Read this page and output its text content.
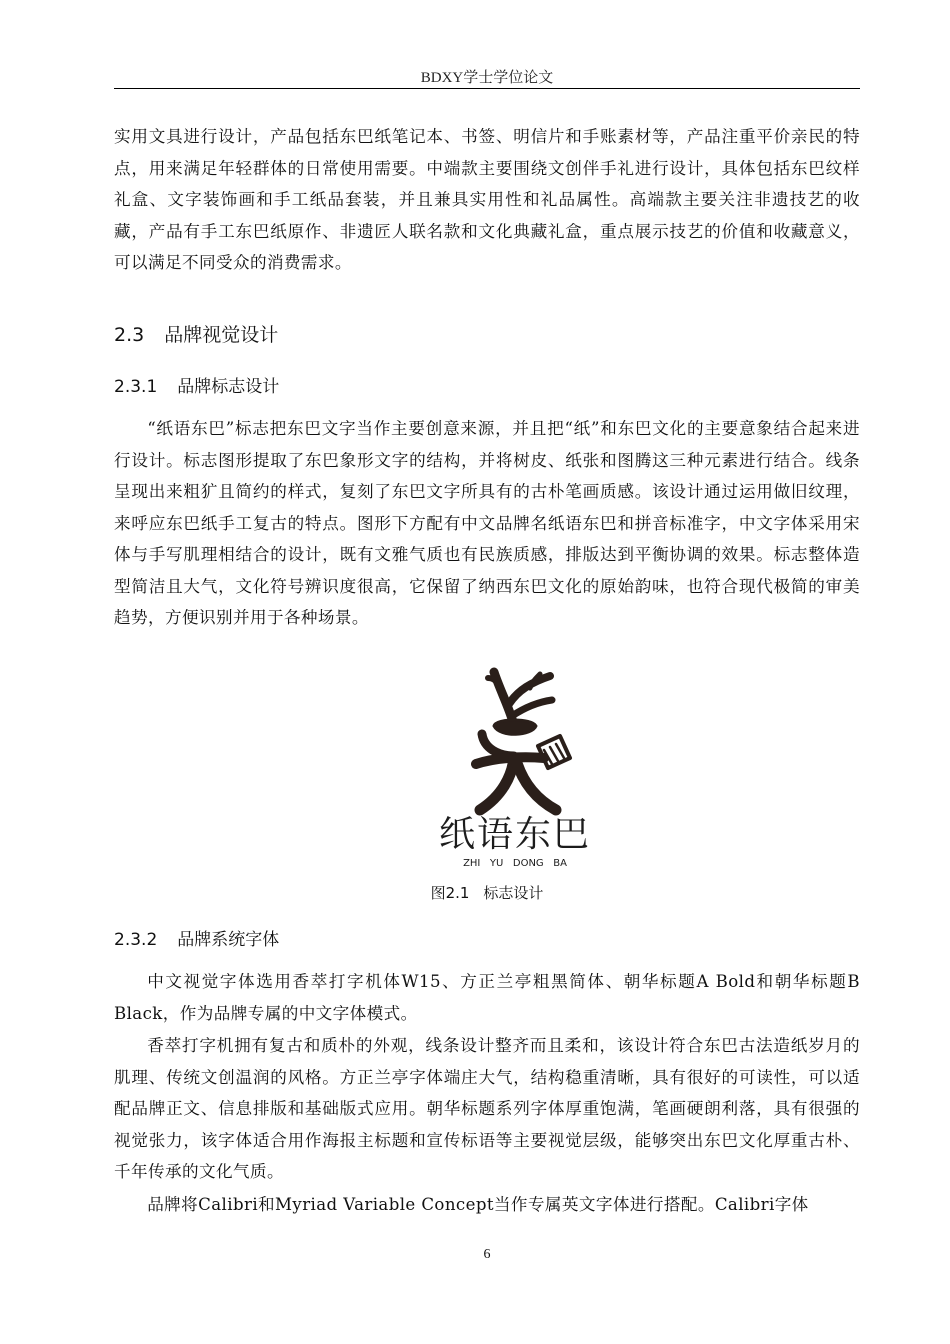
BDXY学士学位论文

实用文具进行设计，产品包括东巴纸笔记本、书签、明信片和手账素材等，产品注重平价亲民的特点，用来满足年轻群体的日常使用需要。中端款主要围绕文创伴手礼进行设计，具体包括东巴纹样礼盒、文字装饰画和手工纸品套装，并且兼具实用性和礼品属性。高端款主要关注非遗技艺的收藏，产品有手工东巴纸原作、非遗匠人联名款和文化典藏礼盒，重点展示技艺的价值和收藏意义，可以满足不同受众的消费需求。

2.3 品牌视觉设计
2.3.1 品牌标志设计

“纸语东巴”标志把东巴文字当作主要创意来源，并且把“纸”和东巴文化的主要意象结合起来进行设计。标志图形提取了东巴象形文字的结构，并将树皮、纸张和图腾这三种元素进行结合。线条呈现出来粗犷且简约的样式，复刻了东巴文字所具有的古朴笔画质感。该设计通过运用做旧纹理，来呼应东巴纸手工复古的特点。图形下方配有中文品牌名纸语东巴和拼音标准字，中文字体采用宋体与手写肌理相结合的设计，既有文雅气质也有民族质感，排版达到平衡协调的效果。标志整体造型简洁且大气，文化符号辨识度很高，它保留了纳西东巴文化的原始韵味，也符合现代极简的审美趋势，方便识别并用于各种场景。

纸语东巴
ZHI   YU   DONG   BA
图2.1 标志设计
2.3.2 品牌系统字体

中文视觉字体选用香萃打字机体W15、方正兰亭粗黑简体、朝华标题A Bold和朝华标题B Black，作为品牌专属的中文字体模式。

香萃打字机拥有复古和质朴的外观，线条设计整齐而且柔和，该设计符合东巴古法造纸岁月的肌理、传统文创温润的风格。方正兰亭字体端庄大气，结构稳重清晰，具有很好的可读性，可以适配品牌正文、信息排版和基础版式应用。朝华标题系列字体厚重饱满，笔画硬朗利落，具有很强的视觉张力，该字体适合用作海报主标题和宣传标语等主要视觉层级，能够突出东巴文化厚重古朴、千年传承的文化气质。

品牌将Calibri和Myriad Variable Concept当作专属英文字体进行搭配。Calibri字体

6
